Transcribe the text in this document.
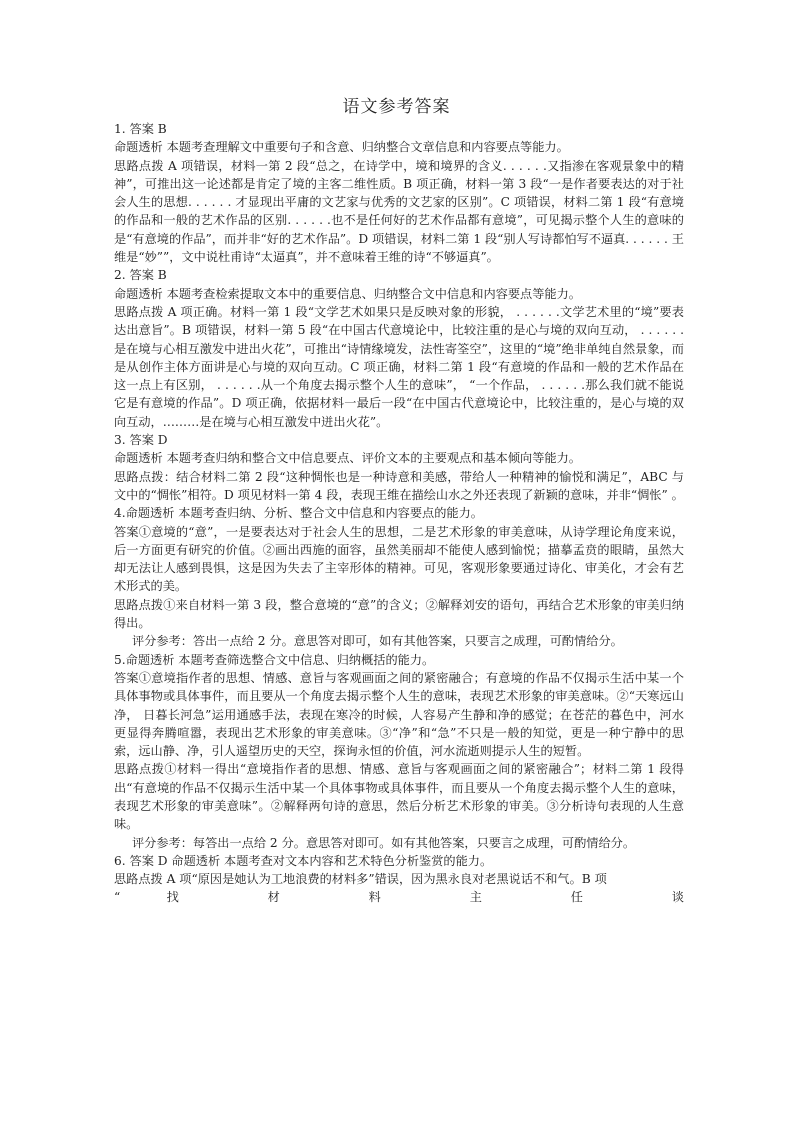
语文参考答案

1. 答案 B

命题透析 本题考查理解文中重要句子和含意、归纳整合文章信息和内容要点等能力。

思路点拨 A 项错误，材料一第 2 段“总之，在诗学中，境和境界的含义. . . . . .又指渗在客观景象中的精神”，可推出这一论述都是肯定了境的主客二维性质。B 项正确，材料一第 3 段“一是作者要表达的对于社会人生的思想. . . . . . 才显现出平庸的文艺家与优秀的文艺家的区别”。C 项错误，材料二第 1 段“有意境的作品和一般的艺术作品的区别. . . . . .也不是任何好的艺术作品都有意境”，可见揭示整个人生的意味的是“有意境的作品”，而并非“好的艺术作品”。D 项错误，材料二第 1 段“别人写诗都怕写不逼真. . . . . . 王维是“妙””，文中说杜甫诗“太逼真”，并不意味着王维的诗“不够逼真”。

2. 答案 B

命题透析 本题考查检索提取文本中的重要信息、归纳整合文中信息和内容要点等能力。

思路点拨 A 项正确。材料一第 1 段“文学艺术如果只是反映对象的形貌， . . . . . .文学艺术里的“境”要表达出意旨”。B 项错误，材料一第 5 段“在中国古代意境论中，比较注重的是心与境的双向互动， . . . . . . 是在境与心相互激发中进出火花”，可推出“诗情缘境发，法性寄筌空”，这里的“境”绝非单纯自然景象，而是从创作主体方面讲是心与境的双向互动。C 项正确，材料二第 1 段“有意境的作品和一般的艺术作品在这一点上有区别， . . . . . .从一个角度去揭示整个人生的意味”， “一个作品， . . . . . .那么我们就不能说它是有意境的作品”。D 项正确，依据材料一最后一段“在中国古代意境论中，比较注重的，是心与境的双向互动，………是在境与心相互激发中迸出火花”。

3. 答案 D

命题透析 本题考查归纳和整合文中信息要点、评价文本的主要观点和基本倾向等能力。

思路点拨：结合材料二第 2 段“这种惆怅也是一种诗意和美感，带给人一种精神的愉悦和满足”，ABC 与文中的“惆怅”相符。D 项见材料一第 4 段，表现王维在描绘山水之外还表现了新颖的意味，并非“惆怅” 。

4.命题透析 本题考查归纳、分析、整合文中信息和内容要点的能力。

答案①意境的“意”，一是要表达对于社会人生的思想，二是艺术形象的审美意味，从诗学理论角度来说，后一方面更有研究的价值。②画出西施的面容，虽然美丽却不能使人感到愉悦；描摹孟贲的眼睛，虽然大却无法让人感到畏惧，这是因为失去了主宰形体的精神。可见，客观形象要通过诗化、审美化，才会有艺术形式的美。

思路点拨①来自材料一第 3 段，整合意境的“意”的含义；②解释刘安的语句，再结合艺术形象的审美归纳得出。

评分参考：答出一点给 2 分。意思答对即可，如有其他答案，只要言之成理，可酌情给分。

5.命题透析 本题考查筛选整合文中信息、归纳概括的能力。

答案①意境指作者的思想、情感、意旨与客观画面之间的紧密融合；有意境的作品不仅揭示生活中某一个具体事物或具体事件，而且要从一个角度去揭示整个人生的意味，表现艺术形象的审美意味。②“天寒远山净， 日暮长河急”运用通感手法，表现在寒冷的时候，人容易产生静和净的感觉；在苍茫的暮色中，河水更显得奔腾喧嚣，表现出艺术形象的审美意味。③“净”和“急”不只是一般的知觉，更是一种宁静中的思索，远山静、净，引人遥望历史的天空，探询永恒的价值，河水流逝则提示人生的短暂。

思路点拨①材料一得出“意境指作者的思想、情感、意旨与客观画面之间的紧密融合”；材料二第 1 段得出“有意境的作品不仅揭示生活中某一个具体事物或具体事件，而且要从一个角度去揭示整个人生的意味，表现艺术形象的审美意味”。②解释两句诗的意思，然后分析艺术形象的审美。③分析诗句表现的人生意味。

评分参考：每答出一点给 2 分。意思答对即可。如有其他答案，只要言之成理，可酌情给分。

6. 答案 D 命题透析 本题考查对文本内容和艺术特色分析鉴赏的能力。

思路点拨 A 项“原因是她认为工地浪费的材料多”错误，因为黑永良对老黑说话不和气。B 项

“ 找 材 料 主 任 谈
